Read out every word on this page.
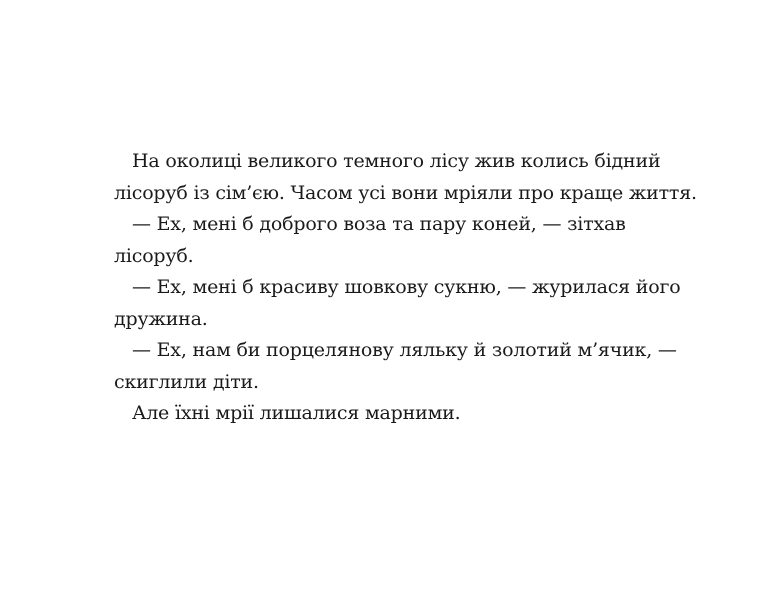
На околиці великого темного лісу жив колись бідний
лісоруб із сім’єю. Часом усі вони мріяли про краще життя.
— Ех, мені б доброго воза та пару коней, — зітхав
лісоруб.
— Ех, мені б красиву шовкову сукню, — журилася його
дружина.
— Ех, нам би порцелянову ляльку й золотий м’ячик, —
скиглили діти.
Але їхні мрії лишалися марними.
